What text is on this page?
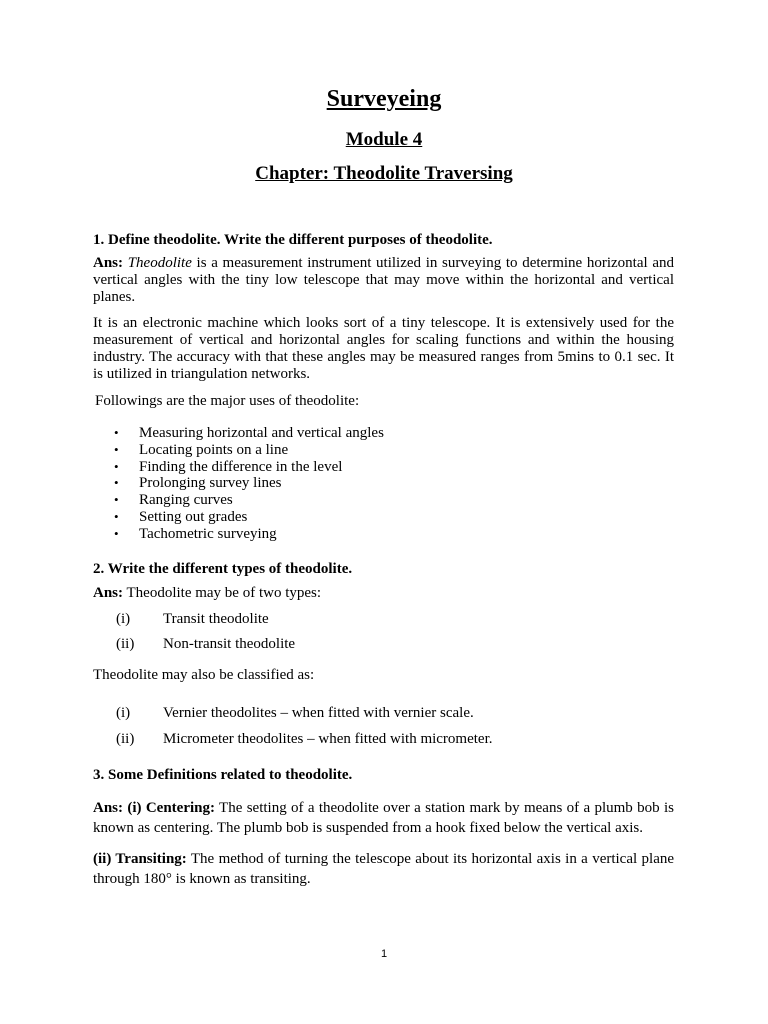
Surveyeing
Module 4
Chapter: Theodolite Traversing
1. Define theodolite. Write the different purposes of theodolite.
Ans: Theodolite is a measurement instrument utilized in surveying to determine horizontal and vertical angles with the tiny low telescope that may move within the horizontal and vertical planes.
It is an electronic machine which looks sort of a tiny telescope. It is extensively used for the measurement of vertical and horizontal angles for scaling functions and within the housing industry. The accuracy with that these angles may be measured ranges from 5mins to 0.1 sec. It is utilized in triangulation networks.
Followings are the major uses of theodolite:
• Measuring horizontal and vertical angles
• Locating points on a line
• Finding the difference in the level
• Prolonging survey lines
• Ranging curves
• Setting out grades
• Tachometric surveying
2. Write the different types of theodolite.
Ans: Theodolite may be of two types:
(i)	Transit theodolite
(ii)	Non-transit theodolite
Theodolite may also be classified as:
(i)	Vernier theodolites – when fitted with vernier scale.
(ii)	Micrometer theodolites – when fitted with micrometer.
3. Some Definitions related to theodolite.
Ans: (i) Centering: The setting of a theodolite over a station mark by means of a plumb bob is known as centering. The plumb bob is suspended from a hook fixed below the vertical axis.
(ii) Transiting: The method of turning the telescope about its horizontal axis in a vertical plane through 180° is known as transiting.
1
